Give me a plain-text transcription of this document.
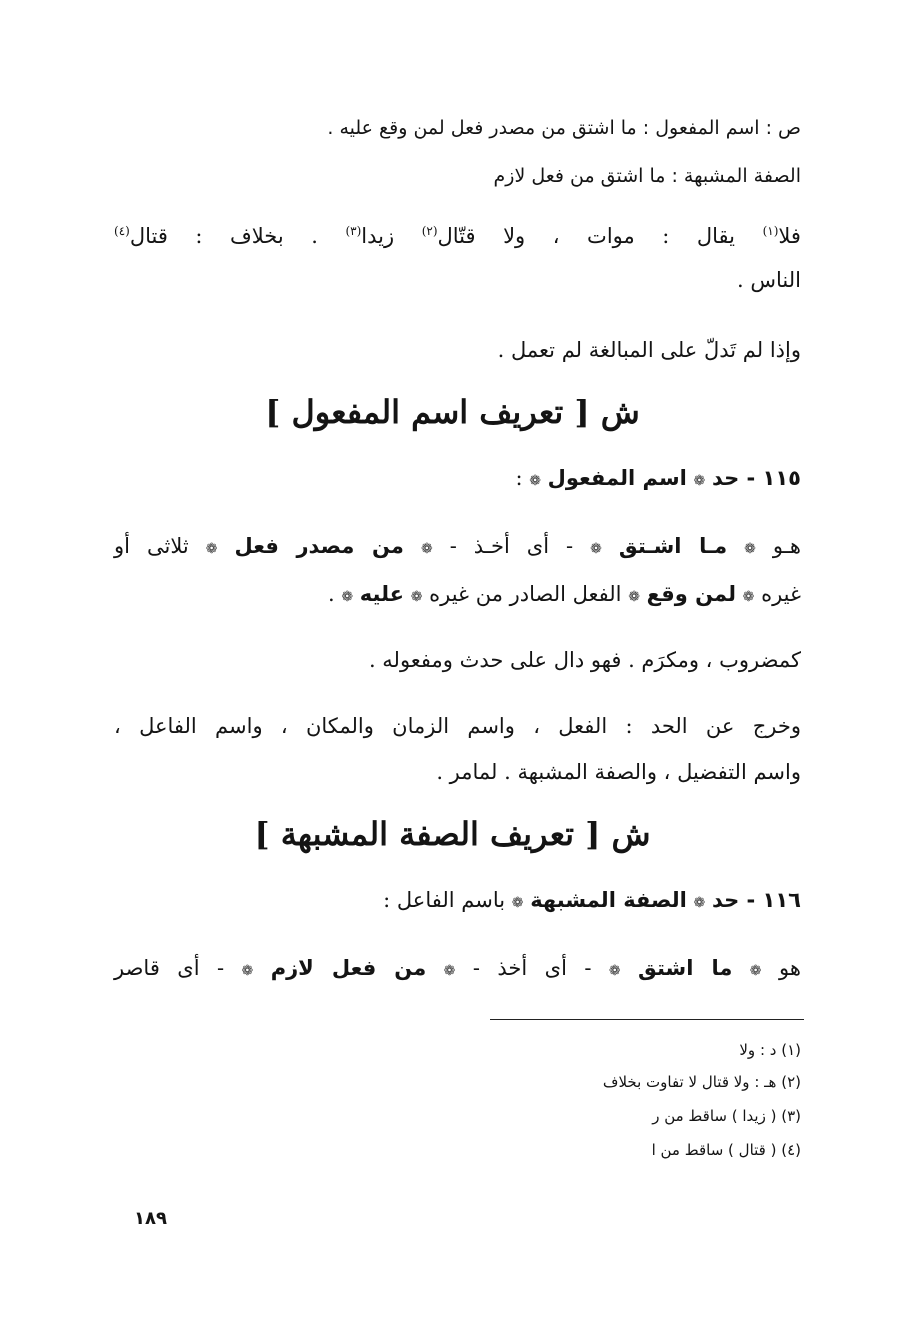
ص : اسم المفعول : ما اشتق من مصدر فعل لمن وقع عليه .

الصفة المشبهة : ما اشتق من فعل لازم

فلا$^{(١)}$ يقال : موات ، ولا قتّال$^{(٢)}$ زيدا$^{(٣)}$ . بخلاف : قتال$^{(٤)}$

الناس .

وإذا لم تَدلّ على المبالغة لم تعمل .

ش [ تعريف اسم المفعول ]

١١٥ - حد ❁ اسم المفعول ❁ :

هـو ❁ مـا اشـتق ❁ - أى أخـذ - ❁ من مصدر فعل ❁ ثلاثى أو

غيره ❁ لمن وقع ❁ الفعل الصادر من غيره ❁ عليه ❁ .

كمضروب ، ومكرَم . فهو دال على حدث ومفعوله .

وخرج عن الحد : الفعل ، واسم الزمان والمكان ، واسم الفاعل ،

واسم التفضيل ، والصفة المشبهة . لمامر .

ش [ تعريف الصفة المشبهة ]

١١٦ - حد ❁ الصفة المشبهة ❁ باسم الفاعل :

هو ❁ ما اشتق ❁ - أى أخذ - ❁ من فعل لازم ❁ - أى قاصر

(١) د : ولا
(٢) هـ : ولا قتال لا تفاوت بخلاف
(٣) ( زيدا ) ساقط من ر
(٤) ( قتال ) ساقط من ا
١٨٩
